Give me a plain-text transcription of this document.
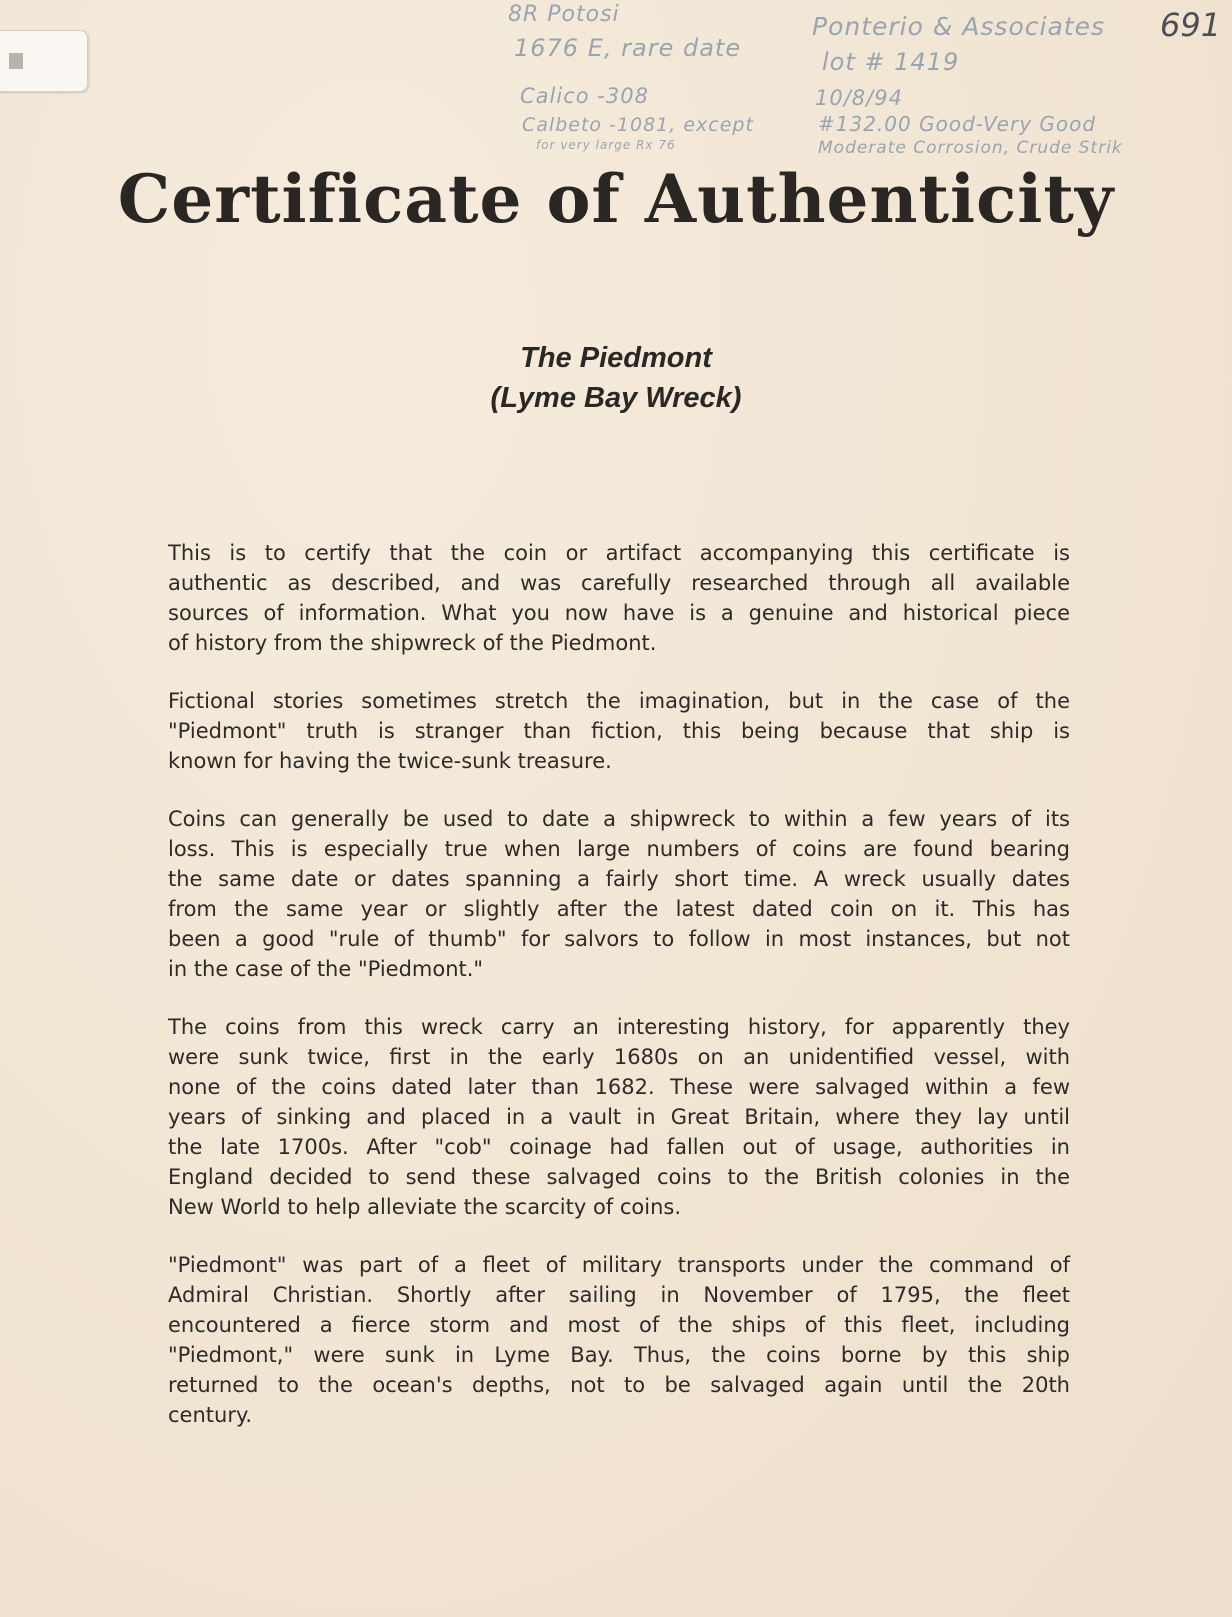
8R Potosi
1676 E, rare date
Calico -308
Calbeto -1081, except
for very large Rx 76
Ponterio & Associates
lot # 1419
10/8/94
#132.00 Good-Very Good
Moderate Corrosion, Crude Strik
691
Certificate of Authenticity
The Piedmont
(Lyme Bay Wreck)

This is to certify that the coin or artifact accompanying this certificate is
authentic as described, and was carefully researched through all available
sources of information. What you now have is a genuine and historical piece
of history from the shipwreck of the Piedmont.

Fictional stories sometimes stretch the imagination, but in the case of the
"Piedmont" truth is stranger than fiction, this being because that ship is
known for having the twice-sunk treasure.

Coins can generally be used to date a shipwreck to within a few years of its
loss. This is especially true when large numbers of coins are found bearing
the same date or dates spanning a fairly short time. A wreck usually dates
from the same year or slightly after the latest dated coin on it. This has
been a good "rule of thumb" for salvors to follow in most instances, but not
in the case of the "Piedmont."

The coins from this wreck carry an interesting history, for apparently they
were sunk twice, first in the early 1680s on an unidentified vessel, with
none of the coins dated later than 1682. These were salvaged within a few
years of sinking and placed in a vault in Great Britain, where they lay until
the late 1700s. After "cob" coinage had fallen out of usage, authorities in
England decided to send these salvaged coins to the British colonies in the
New World to help alleviate the scarcity of coins.

"Piedmont" was part of a fleet of military transports under the command of
Admiral Christian. Shortly after sailing in November of 1795, the fleet
encountered a fierce storm and most of the ships of this fleet, including
"Piedmont," were sunk in Lyme Bay. Thus, the coins borne by this ship
returned to the ocean's depths, not to be salvaged again until the 20th
century.
